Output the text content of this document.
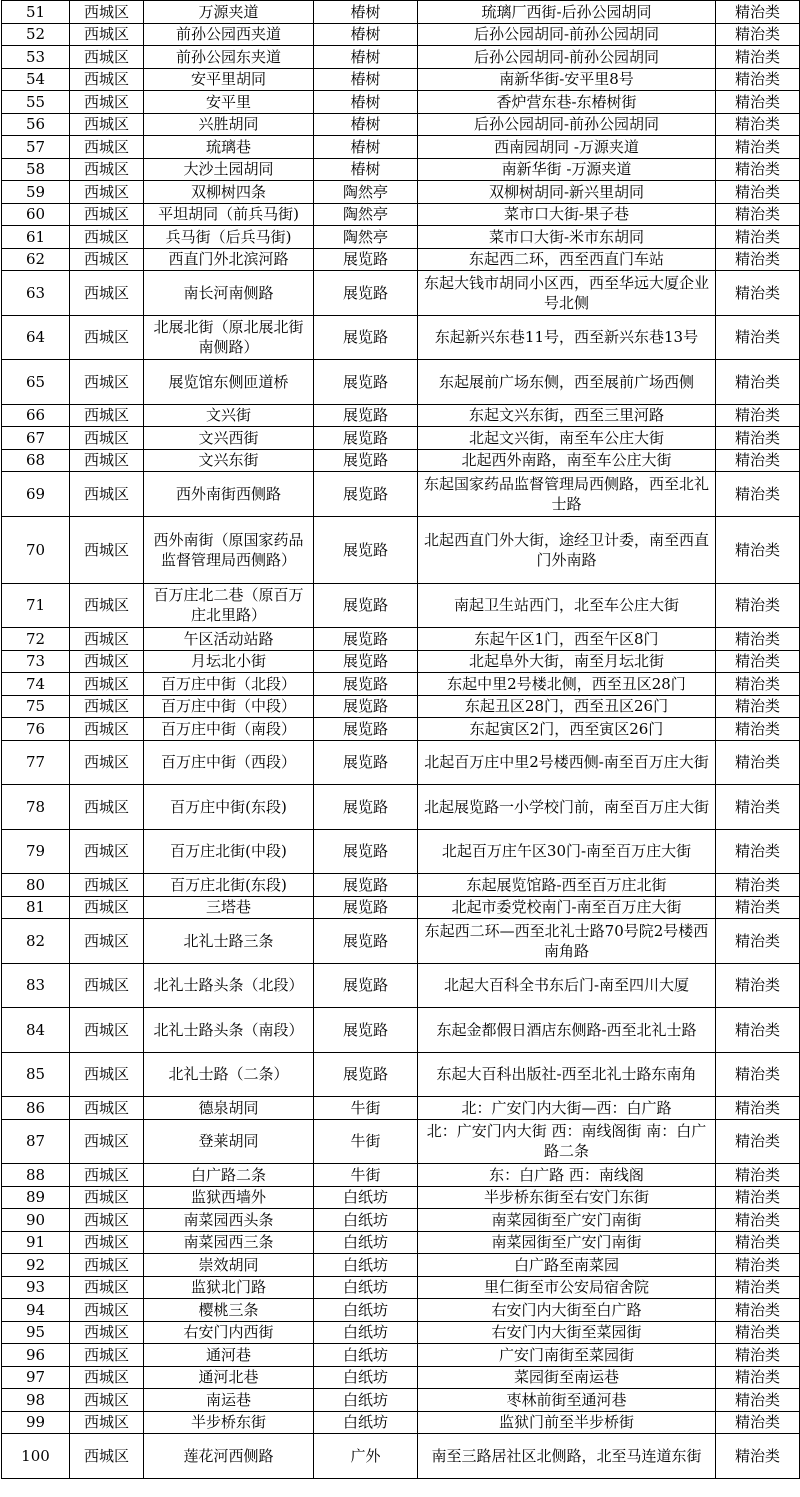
51	西城区	万源夹道	椿树	琉璃厂西街-后孙公园胡同	精治类
52	西城区	前孙公园西夹道	椿树	后孙公园胡同-前孙公园胡同	精治类
53	西城区	前孙公园东夹道	椿树	后孙公园胡同-前孙公园胡同	精治类
54	西城区	安平里胡同	椿树	南新华街-安平里8号	精治类
55	西城区	安平里	椿树	香炉营东巷-东椿树街	精治类
56	西城区	兴胜胡同	椿树	后孙公园胡同-前孙公园胡同	精治类
57	西城区	琉璃巷	椿树	西南园胡同 -万源夹道	精治类
58	西城区	大沙土园胡同	椿树	南新华街 -万源夹道	精治类
59	西城区	双柳树四条	陶然亭	双柳树胡同-新兴里胡同	精治类
60	西城区	平坦胡同（前兵马街)	陶然亭	菜市口大街-果子巷	精治类
61	西城区	兵马街（后兵马街)	陶然亭	菜市口大街-米市东胡同	精治类
62	西城区	西直门外北滨河路	展览路	东起西二环，西至西直门车站	精治类
63	西城区	南长河南侧路	展览路	东起大钱市胡同小区西，西至华远大厦企业号北侧	精治类
64	西城区	北展北街（原北展北街南侧路）	展览路	东起新兴东巷11号，西至新兴东巷13号	精治类
65	西城区	展览馆东侧匝道桥	展览路	东起展前广场东侧，西至展前广场西侧	精治类
66	西城区	文兴街	展览路	东起文兴东街，西至三里河路	精治类
67	西城区	文兴西街	展览路	北起文兴街，南至车公庄大街	精治类
68	西城区	文兴东街	展览路	北起西外南路，南至车公庄大街	精治类
69	西城区	西外南街西侧路	展览路	东起国家药品监督管理局西侧路，西至北礼士路	精治类
70	西城区	西外南街（原国家药品监督管理局西侧路）	展览路	北起西直门外大街，途经卫计委，南至西直门外南路	精治类
71	西城区	百万庄北二巷（原百万庄北里路）	展览路	南起卫生站西门，北至车公庄大街	精治类
72	西城区	午区活动站路	展览路	东起午区1门，西至午区8门	精治类
73	西城区	月坛北小街	展览路	北起阜外大街，南至月坛北街	精治类
74	西城区	百万庄中街（北段）	展览路	东起中里2号楼北侧，西至丑区28门	精治类
75	西城区	百万庄中街（中段）	展览路	东起丑区28门，西至丑区26门	精治类
76	西城区	百万庄中街（南段）	展览路	东起寅区2门，西至寅区26门	精治类
77	西城区	百万庄中街（西段）	展览路	北起百万庄中里2号楼西侧-南至百万庄大街	精治类
78	西城区	百万庄中街(东段)	展览路	北起展览路一小学校门前，南至百万庄大街	精治类
79	西城区	百万庄北街(中段)	展览路	北起百万庄午区30门-南至百万庄大街	精治类
80	西城区	百万庄北街(东段)	展览路	东起展览馆路-西至百万庄北街	精治类
81	西城区	三塔巷	展览路	北起市委党校南门-南至百万庄大街	精治类
82	西城区	北礼士路三条	展览路	东起西二环—西至北礼士路70号院2号楼西南角路	精治类
83	西城区	北礼士路头条（北段）	展览路	北起大百科全书东后门-南至四川大厦	精治类
84	西城区	北礼士路头条（南段）	展览路	东起金都假日酒店东侧路-西至北礼士路	精治类
85	西城区	北礼士路（二条）	展览路	东起大百科出版社-西至北礼士路东南角	精治类
86	西城区	德泉胡同	牛街	北：广安门内大街—西：白广路	精治类
87	西城区	登莱胡同	牛街	北：广安门内大街 西：南线阁街 南：白广路二条	精治类
88	西城区	白广路二条	牛街	东：白广路 西：南线阁	精治类
89	西城区	监狱西墙外	白纸坊	半步桥东街至右安门东街	精治类
90	西城区	南菜园西头条	白纸坊	南菜园街至广安门南街	精治类
91	西城区	南菜园西三条	白纸坊	南菜园街至广安门南街	精治类
92	西城区	崇效胡同	白纸坊	白广路至南菜园	精治类
93	西城区	监狱北门路	白纸坊	里仁街至市公安局宿舍院	精治类
94	西城区	樱桃三条	白纸坊	右安门内大街至白广路	精治类
95	西城区	右安门内西街	白纸坊	右安门内大街至菜园街	精治类
96	西城区	通河巷	白纸坊	广安门南街至菜园街	精治类
97	西城区	通河北巷	白纸坊	菜园街至南运巷	精治类
98	西城区	南运巷	白纸坊	枣林前街至通河巷	精治类
99	西城区	半步桥东街	白纸坊	监狱门前至半步桥街	精治类
100	西城区	莲花河西侧路	广外	南至三路居社区北侧路，北至马连道东街	精治类
